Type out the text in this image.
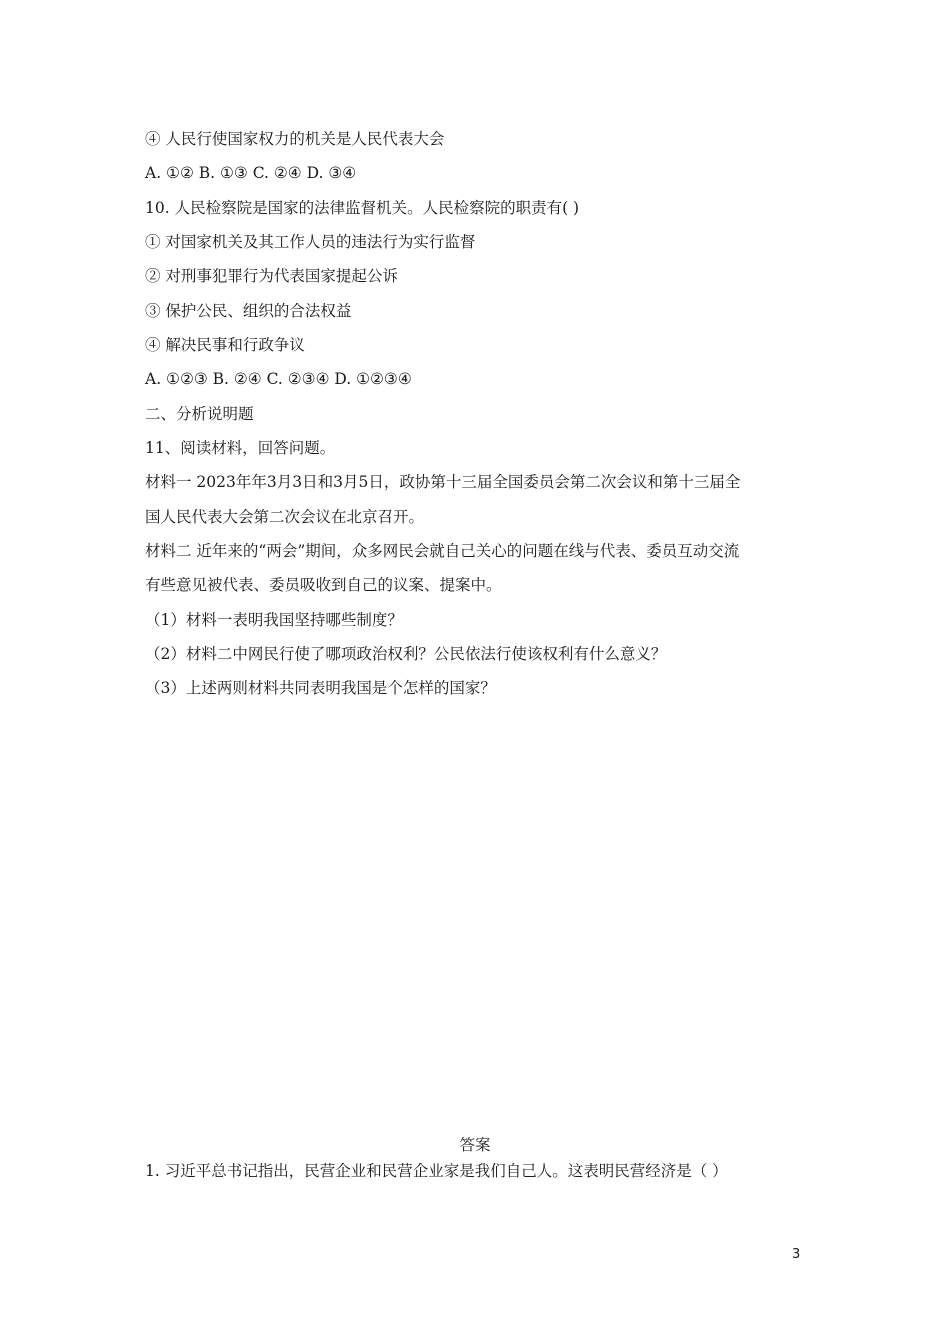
④ 人民行使国家权力的机关是人民代表大会
A. ①② B. ①③ C. ②④ D. ③④
10. 人民检察院是国家的法律监督机关。人民检察院的职责有( )
① 对国家机关及其工作人员的违法行为实行监督
② 对刑事犯罪行为代表国家提起公诉
③ 保护公民、组织的合法权益
④ 解决民事和行政争议
A. ①②③ B. ②④ C. ②③④ D. ①②③④
二、分析说明题
11、阅读材料，回答问题。
材料一 2023年年3月3日和3月5日，政协第十三届全国委员会第二次会议和第十三届全
国人民代表大会第二次会议在北京召开。
材料二 近年来的“两会”期间，众多网民会就自己关心的问题在线与代表、委员互动交流
有些意见被代表、委员吸收到自己的议案、提案中。
（1）材料一表明我国坚持哪些制度？
（2）材料二中网民行使了哪项政治权利？公民依法行使该权利有什么意义？
（3）上述两则材料共同表明我国是个怎样的国家？
答案
1. 习近平总书记指出，民营企业和民营企业家是我们自己人。这表明民营经济是（ ）
3
